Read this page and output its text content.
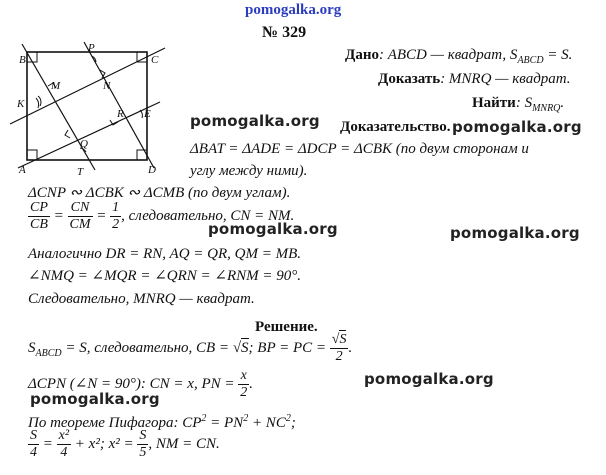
pomogalka.org
№ 329
B
P
C
M	N
K
E
R
Q
A	T	D
Дано: ABCD — квадрат, $S_{ABCD} = S$.
Доказать: MNRQ — квадрат.
Найти: $S_{MNRQ}$.
pomogalka.org	pomogalka.org
pomogalka.org	pomogalka.org
pomogalka.org
pomogalka.org
Доказательство.
ΔBAT = ΔADE = ΔDCP = ΔCBK (по двум сторонам и
углу между ними).
ΔCNP ∾ ΔCBK ∾ ΔCMB (по двум углам).
$\frac{CP}{CB} = \frac{CN}{CM} = \frac{1}{2}$ , следовательно, CN = NM.
Аналогично DR = RN, AQ = QR, QM = MB.
∠NMQ = ∠MQR = ∠QRN = ∠RNM = 90°.
Следовательно, MNRQ — квадрат.
Решение.
$S_{ABCD} = S$, следовательно, CB = √S; BP = PC = $\frac{√S}{2}$ .
ΔCPN (∠N = 90°): CN = x, PN = $\frac{x}{2}$ .
По теореме Пифагора: $CP^2 = PN^2 + NC^2$;
$\frac{S}{4} = \frac{\text{x²}}{4} + x^2$; $x^2 = \frac{S}{5}$ , NM = CN.
